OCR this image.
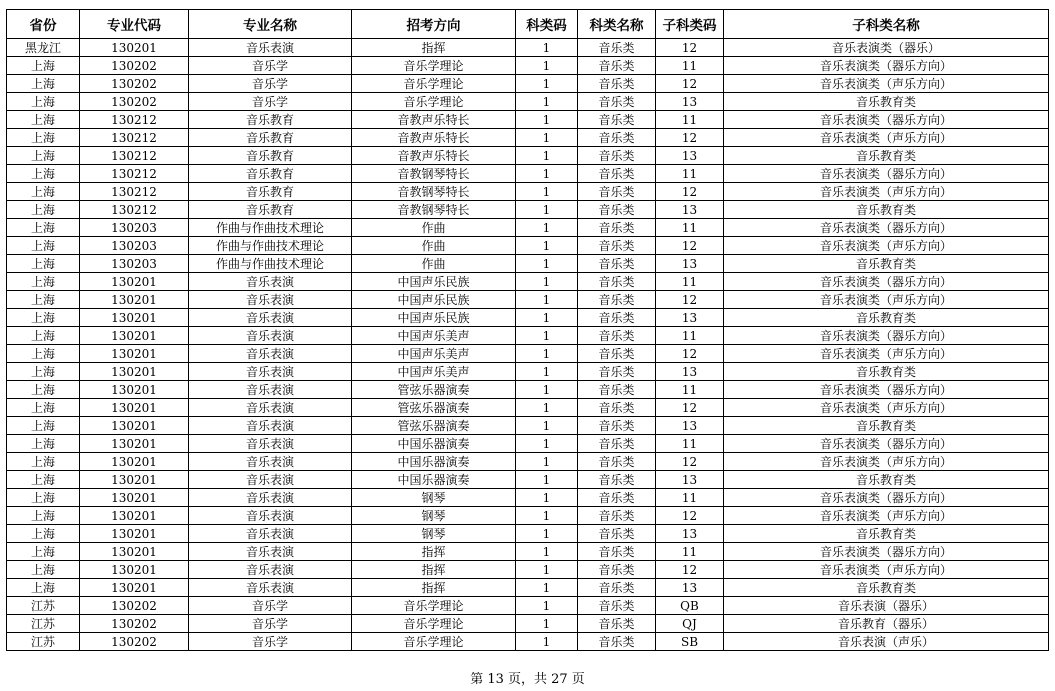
省份	专业代码	专业名称	招考方向	科类码	科类名称	子科类码	子科类名称
黑龙江	130201	音乐表演	指挥	1	音乐类	12	音乐表演类（器乐）
上海	130202	音乐学	音乐学理论	1	音乐类	11	音乐表演类（器乐方向）
上海	130202	音乐学	音乐学理论	1	音乐类	12	音乐表演类（声乐方向）
上海	130202	音乐学	音乐学理论	1	音乐类	13	音乐教育类
上海	130212	音乐教育	音教声乐特长	1	音乐类	11	音乐表演类（器乐方向）
上海	130212	音乐教育	音教声乐特长	1	音乐类	12	音乐表演类（声乐方向）
上海	130212	音乐教育	音教声乐特长	1	音乐类	13	音乐教育类
上海	130212	音乐教育	音教钢琴特长	1	音乐类	11	音乐表演类（器乐方向）
上海	130212	音乐教育	音教钢琴特长	1	音乐类	12	音乐表演类（声乐方向）
上海	130212	音乐教育	音教钢琴特长	1	音乐类	13	音乐教育类
上海	130203	作曲与作曲技术理论	作曲	1	音乐类	11	音乐表演类（器乐方向）
上海	130203	作曲与作曲技术理论	作曲	1	音乐类	12	音乐表演类（声乐方向）
上海	130203	作曲与作曲技术理论	作曲	1	音乐类	13	音乐教育类
上海	130201	音乐表演	中国声乐民族	1	音乐类	11	音乐表演类（器乐方向）
上海	130201	音乐表演	中国声乐民族	1	音乐类	12	音乐表演类（声乐方向）
上海	130201	音乐表演	中国声乐民族	1	音乐类	13	音乐教育类
上海	130201	音乐表演	中国声乐美声	1	音乐类	11	音乐表演类（器乐方向）
上海	130201	音乐表演	中国声乐美声	1	音乐类	12	音乐表演类（声乐方向）
上海	130201	音乐表演	中国声乐美声	1	音乐类	13	音乐教育类
上海	130201	音乐表演	管弦乐器演奏	1	音乐类	11	音乐表演类（器乐方向）
上海	130201	音乐表演	管弦乐器演奏	1	音乐类	12	音乐表演类（声乐方向）
上海	130201	音乐表演	管弦乐器演奏	1	音乐类	13	音乐教育类
上海	130201	音乐表演	中国乐器演奏	1	音乐类	11	音乐表演类（器乐方向）
上海	130201	音乐表演	中国乐器演奏	1	音乐类	12	音乐表演类（声乐方向）
上海	130201	音乐表演	中国乐器演奏	1	音乐类	13	音乐教育类
上海	130201	音乐表演	钢琴	1	音乐类	11	音乐表演类（器乐方向）
上海	130201	音乐表演	钢琴	1	音乐类	12	音乐表演类（声乐方向）
上海	130201	音乐表演	钢琴	1	音乐类	13	音乐教育类
上海	130201	音乐表演	指挥	1	音乐类	11	音乐表演类（器乐方向）
上海	130201	音乐表演	指挥	1	音乐类	12	音乐表演类（声乐方向）
上海	130201	音乐表演	指挥	1	音乐类	13	音乐教育类
江苏	130202	音乐学	音乐学理论	1	音乐类	QB	音乐表演（器乐）
江苏	130202	音乐学	音乐学理论	1	音乐类	QJ	音乐教育（器乐）
江苏	130202	音乐学	音乐学理论	1	音乐类	SB	音乐表演（声乐）
第 13 页，共 27 页
